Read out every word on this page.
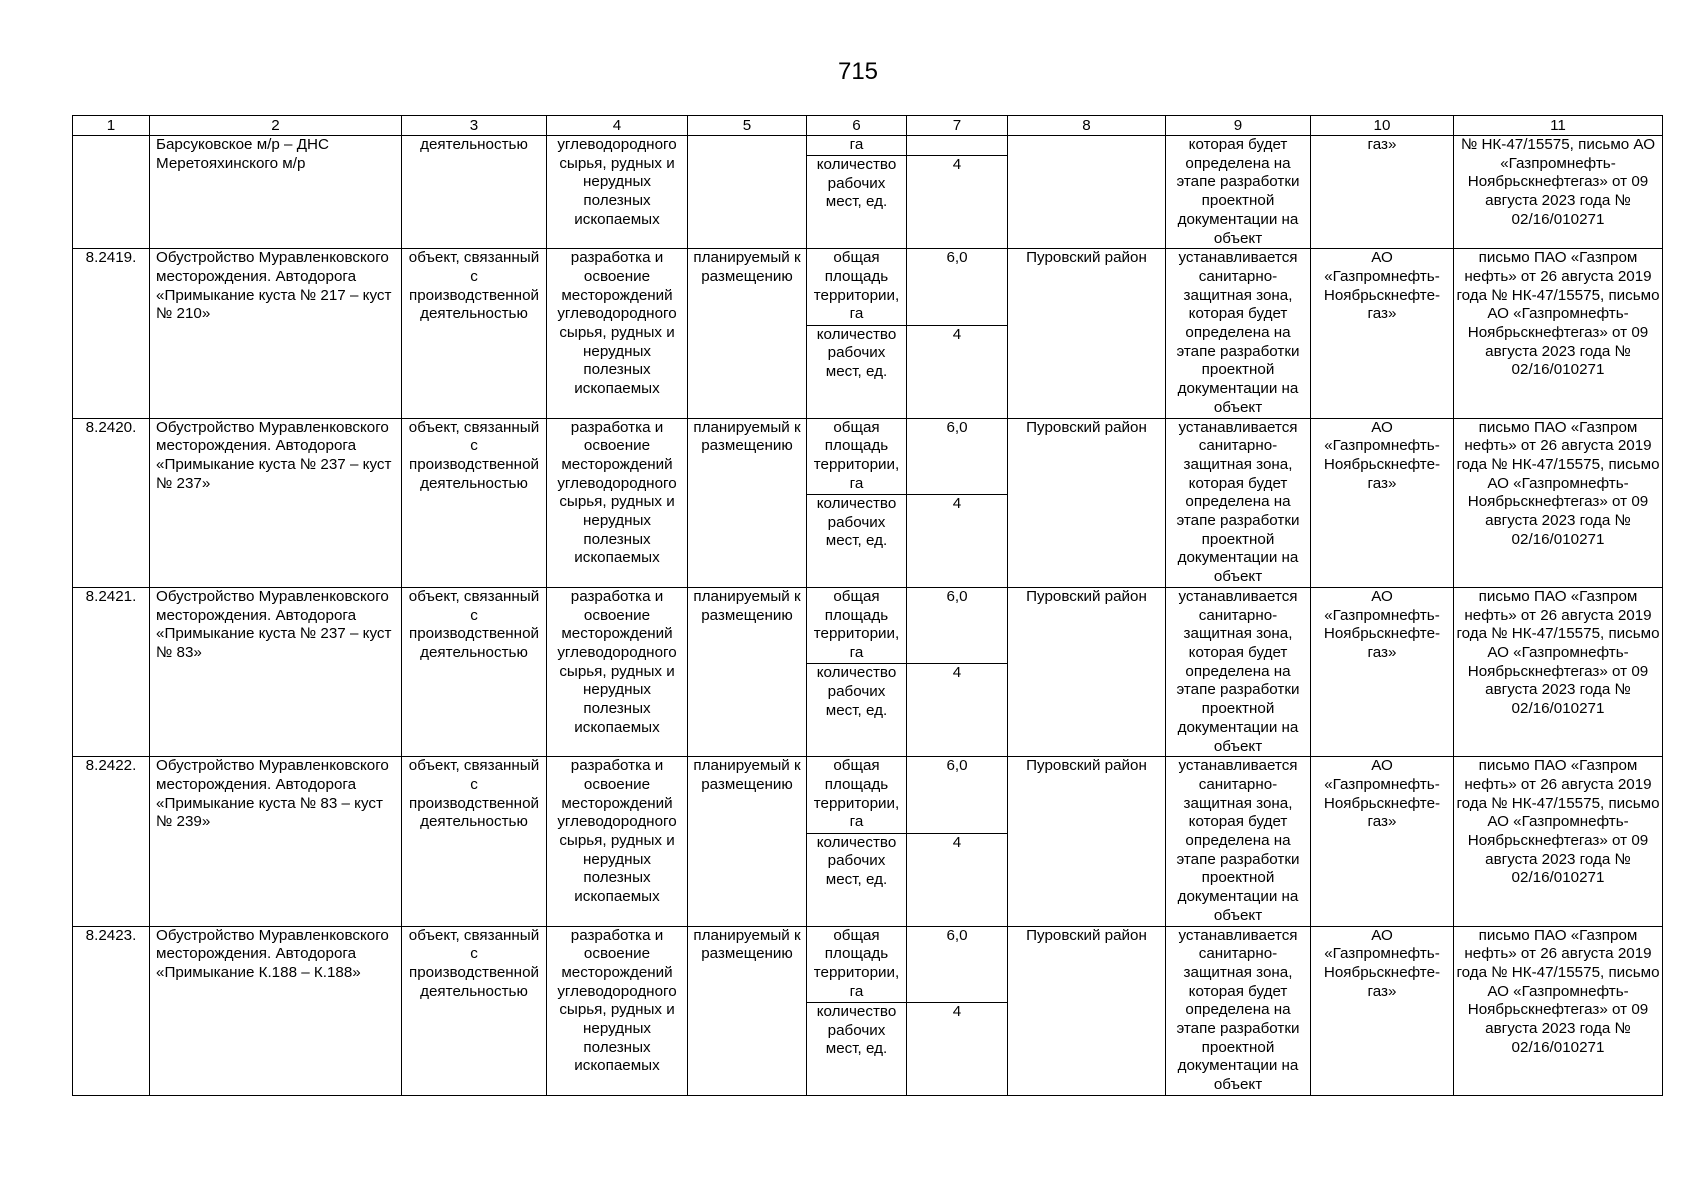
715
1	2	3	4	5	6	7	8	9	10	11
	Барсуковское м/р – ДНС Меретояхинского м/р	деятельностью	углеводородного сырья, рудных и нерудных полезных ископаемых		га			которая будет определена на этапе разработки проектной документации на объект	газ»	№ НК-47/15575, письмо АО «Газпромнефть-Ноябрьскнефтегаз» от 09 августа 2023 года № 02/16/010271
					количество рабочих мест, ед.	4				
8.2419.	Обустройство Муравленковского месторождения. Автодорога «Примыкание куста № 217 – куст № 210»	объект, связанный с производственной деятельностью	разработка и освоение месторождений углеводородного сырья, рудных и нерудных полезных ископаемых	планируемый к размещению	общая площадь территории, га	6,0	Пуровский район	устанавливается санитарно-защитная зона, которая будет определена на этапе разработки проектной документации на объект	АО «Газпромнефть-Ноябрьскнефте-газ»	письмо ПАО «Газпром нефть» от 26 августа 2019 года № НК-47/15575, письмо АО «Газпромнефть-Ноябрьскнефтегаз» от 09 августа 2023 года № 02/16/010271
					количество рабочих мест, ед.	4				
8.2420.	Обустройство Муравленковского месторождения. Автодорога «Примыкание куста № 237 – куст № 237»	объект, связанный с производственной деятельностью	разработка и освоение месторождений углеводородного сырья, рудных и нерудных полезных ископаемых	планируемый к размещению	общая площадь территории, га	6,0	Пуровский район	устанавливается санитарно-защитная зона, которая будет определена на этапе разработки проектной документации на объект	АО «Газпромнефть-Ноябрьскнефте-газ»	письмо ПАО «Газпром нефть» от 26 августа 2019 года № НК-47/15575, письмо АО «Газпромнефть-Ноябрьскнефтегаз» от 09 августа 2023 года № 02/16/010271
					количество рабочих мест, ед.	4				
8.2421.	Обустройство Муравленковского месторождения. Автодорога «Примыкание куста № 237 – куст № 83»	объект, связанный с производственной деятельностью	разработка и освоение месторождений углеводородного сырья, рудных и нерудных полезных ископаемых	планируемый к размещению	общая площадь территории, га	6,0	Пуровский район	устанавливается санитарно-защитная зона, которая будет определена на этапе разработки проектной документации на объект	АО «Газпромнефть-Ноябрьскнефте-газ»	письмо ПАО «Газпром нефть» от 26 августа 2019 года № НК-47/15575, письмо АО «Газпромнефть-Ноябрьскнефтегаз» от 09 августа 2023 года № 02/16/010271
					количество рабочих мест, ед.	4				
8.2422.	Обустройство Муравленковского месторождения. Автодорога «Примыкание куста № 83 – куст № 239»	объект, связанный с производственной деятельностью	разработка и освоение месторождений углеводородного сырья, рудных и нерудных полезных ископаемых	планируемый к размещению	общая площадь территории, га	6,0	Пуровский район	устанавливается санитарно-защитная зона, которая будет определена на этапе разработки проектной документации на объект	АО «Газпромнефть-Ноябрьскнефте-газ»	письмо ПАО «Газпром нефть» от 26 августа 2019 года № НК-47/15575, письмо АО «Газпромнефть-Ноябрьскнефтегаз» от 09 августа 2023 года № 02/16/010271
					количество рабочих мест, ед.	4				
8.2423.	Обустройство Муравленковского месторождения. Автодорога «Примыкание К.188 – К.188»	объект, связанный с производственной деятельностью	разработка и освоение месторождений углеводородного сырья, рудных и нерудных полезных ископаемых	планируемый к размещению	общая площадь территории, га	6,0	Пуровский район	устанавливается санитарно-защитная зона, которая будет определена на этапе разработки проектной документации на объект	АО «Газпромнефть-Ноябрьскнефте-газ»	письмо ПАО «Газпром нефть» от 26 августа 2019 года № НК-47/15575, письмо АО «Газпромнефть-Ноябрьскнефтегаз» от 09 августа 2023 года № 02/16/010271
					количество рабочих мест, ед.	4				
